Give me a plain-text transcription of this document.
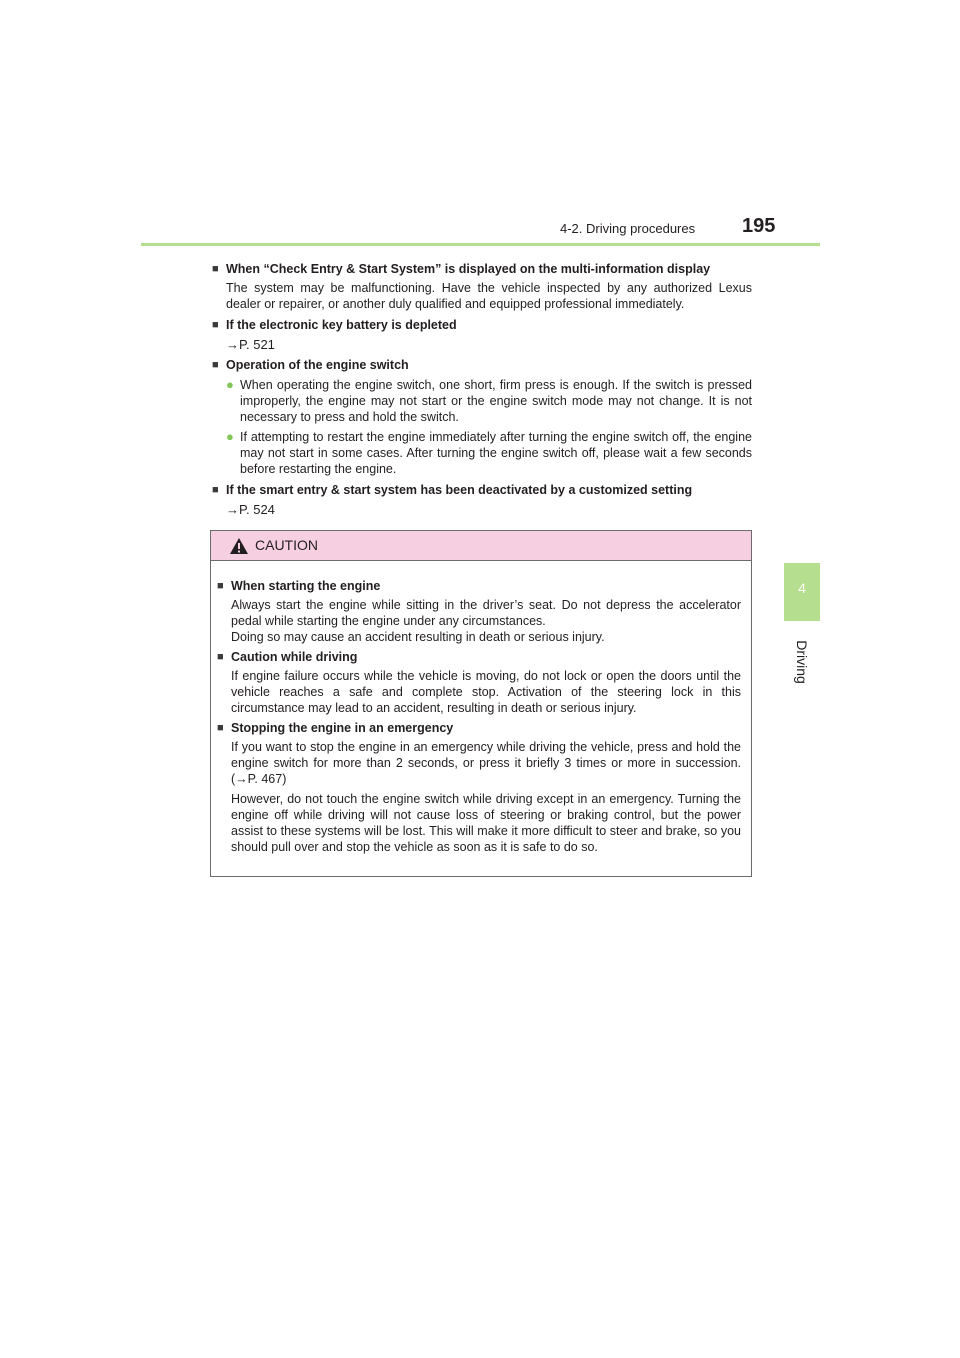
4-2. Driving procedures 195
4
Driving
■ When “Check Entry & Start System” is displayed on the multi-information display
The system may be malfunctioning. Have the vehicle inspected by any authorized Lexus dealer or repairer, or another duly qualified and equipped professional immediately.
■ If the electronic key battery is depleted
→P. 521
■ Operation of the engine switch
● When operating the engine switch, one short, firm press is enough. If the switch is pressed improperly, the engine may not start or the engine switch mode may not change. It is not necessary to press and hold the switch.
● If attempting to restart the engine immediately after turning the engine switch off, the engine may not start in some cases. After turning the engine switch off, please wait a few seconds before restarting the engine.
■ If the smart entry & start system has been deactivated by a customized setting
→P. 524
CAUTION
■ When starting the engine
Always start the engine while sitting in the driver’s seat. Do not depress the accelerator pedal while starting the engine under any circumstances.
Doing so may cause an accident resulting in death or serious injury.
■ Caution while driving
If engine failure occurs while the vehicle is moving, do not lock or open the doors until the vehicle reaches a safe and complete stop. Activation of the steering lock in this circumstance may lead to an accident, resulting in death or serious injury.
■ Stopping the engine in an emergency
If you want to stop the engine in an emergency while driving the vehicle, press and hold the engine switch for more than 2 seconds, or press it briefly 3 times or more in succession. (→P. 467)
However, do not touch the engine switch while driving except in an emergency. Turning the engine off while driving will not cause loss of steering or braking control, but the power assist to these systems will be lost. This will make it more difficult to steer and brake, so you should pull over and stop the vehicle as soon as it is safe to do so.
